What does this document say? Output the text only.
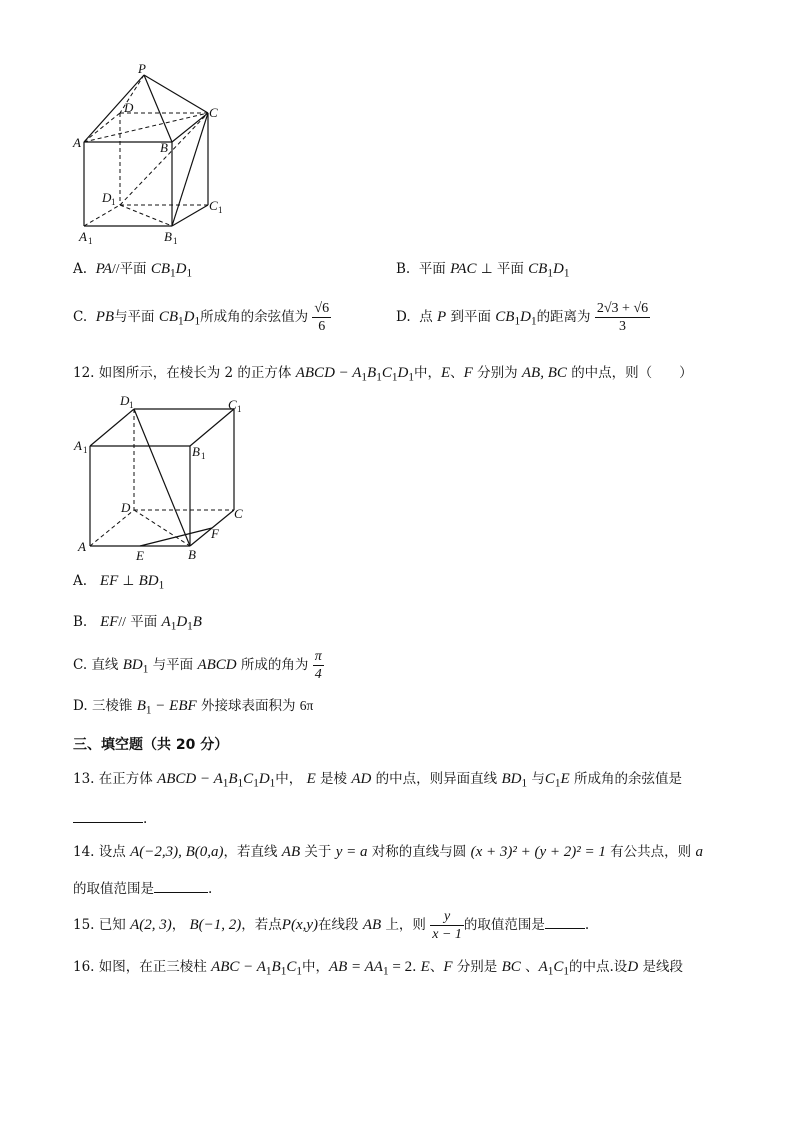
P
D	C
A	B
D 1	C 1
A 1	B 1
A. PA//平面 $CB_1D_1$	B. 平面 PAC ⊥ 平面 $CB_1D_1$
C. PB与平面 $CB_1D_1$所成角的余弦值为 $\frac{√6}{6}$	D. 点 P 到平面 $CB_1D_1$的距离为 $\frac{2√3 + √6}{3}$
12. 如图所示，在棱长为 2 的正方体 ABCD − $A_1B_1C_1D_1$中，E、F 分别为 AB, BC 的中点，则（　　）
D 1	C 1
A 1	B 1
D	C
A
E	B
F
A. EF ⊥ $BD_1$
B. EF// 平面 $A_1D_1B$
C. 直线 $BD_1$ 与平面 ABCD 所成的角为 $\frac{\pi}{4}$
D. 三棱锥 $B_1$ − EBF 外接球表面积为 6π
三、填空题（共 20 分）
13. 在正方体 ABCD − $A_1B_1C_1D_1$中， E 是棱 AD 的中点，则异面直线 $BD_1$ 与$C_1E$ 所成角的余弦值是
.
14. 设点 A(−2,3), B(0,a)，若直线 AB 关于 y = a 对称的直线与圆 (x + 3)² + (y + 2)² = 1 有公共点，则 a
的取值范围是	.
15. 已知 A(2, 3)， B(−1, 2)，若点P(x,y)在线段 AB 上，则 $\frac{y}{x - 1}$ 的取值范围是	.
16. 如图，在正三棱柱 ABC − $A_1B_1C_1$中，AB = $AA_1 = 2$. E、F 分别是 BC 、$A_1C_1$的中点.设D 是线段
